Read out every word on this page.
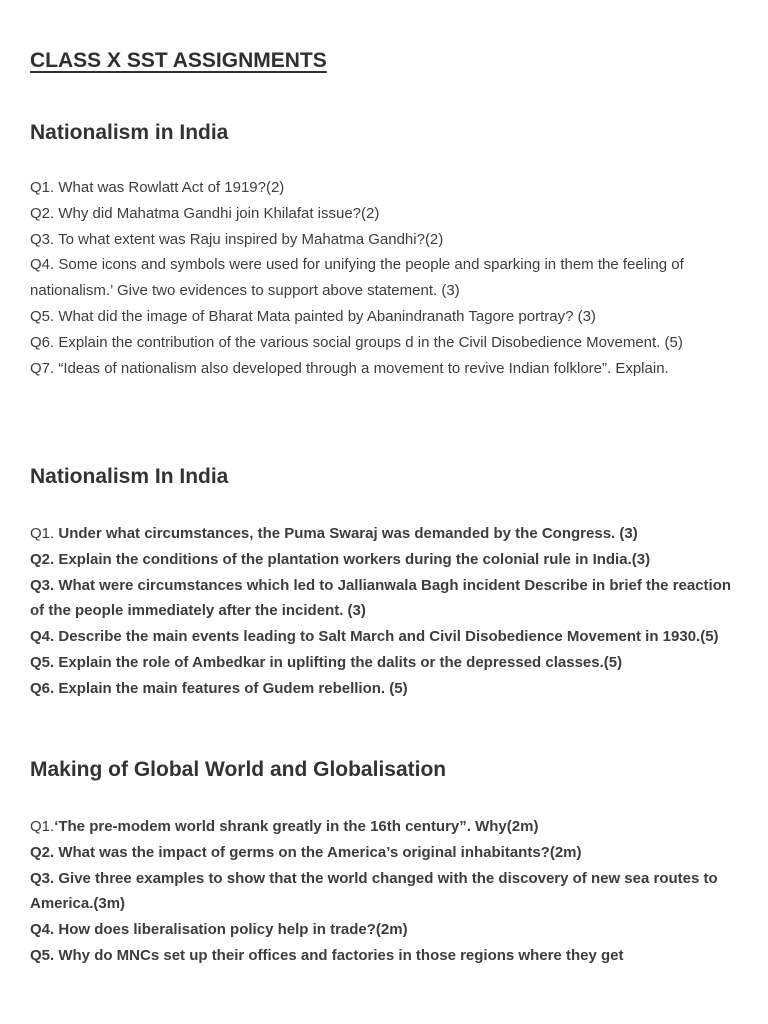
CLASS X SST ASSIGNMENTS
Nationalism in India
Q1. What was Rowlatt Act of 1919?(2)
Q2. Why did Mahatma Gandhi join Khilafat issue?(2)
Q3. To what extent was Raju inspired by Mahatma Gandhi?(2)
Q4. Some icons and symbols were used for unifying the people and sparking in them the feeling of nationalism.’ Give two evidences to support above statement. (3)
Q5. What did the image of Bharat Mata painted by Abanindranath Tagore portray? (3)
Q6. Explain the contribution of the various social groups d in the Civil Disobedience Movement. (5)
Q7. “Ideas of nationalism also developed through a movement to revive Indian folklore”. Explain.
Nationalism In India
Q1. Under what circumstances, the Puma Swaraj was demanded by the Congress. (3)
Q2. Explain the conditions of the plantation workers during the colonial rule in India.(3)
Q3. What were circumstances which led to Jallianwala Bagh incident Describe in brief the reaction of the people immediately after the incident. (3)
Q4. Describe the main events leading to Salt March and Civil Disobedience Movement in 1930.(5)
Q5. Explain the role of Ambedkar in uplifting the dalits or the depressed classes.(5)
Q6. Explain the main features of Gudem rebellion. (5)
Making of Global World and Globalisation
Q1.‘The pre-modem world shrank greatly in the 16th century”. Why(2m)
Q2. What was the impact of germs on the America’s original inhabitants?(2m)
Q3. Give three examples to show that the world changed with the discovery of new sea routes to America.(3m)
Q4. How does liberalisation policy help in trade?(2m)
Q5. Why do MNCs set up their offices and factories in those regions where they get
